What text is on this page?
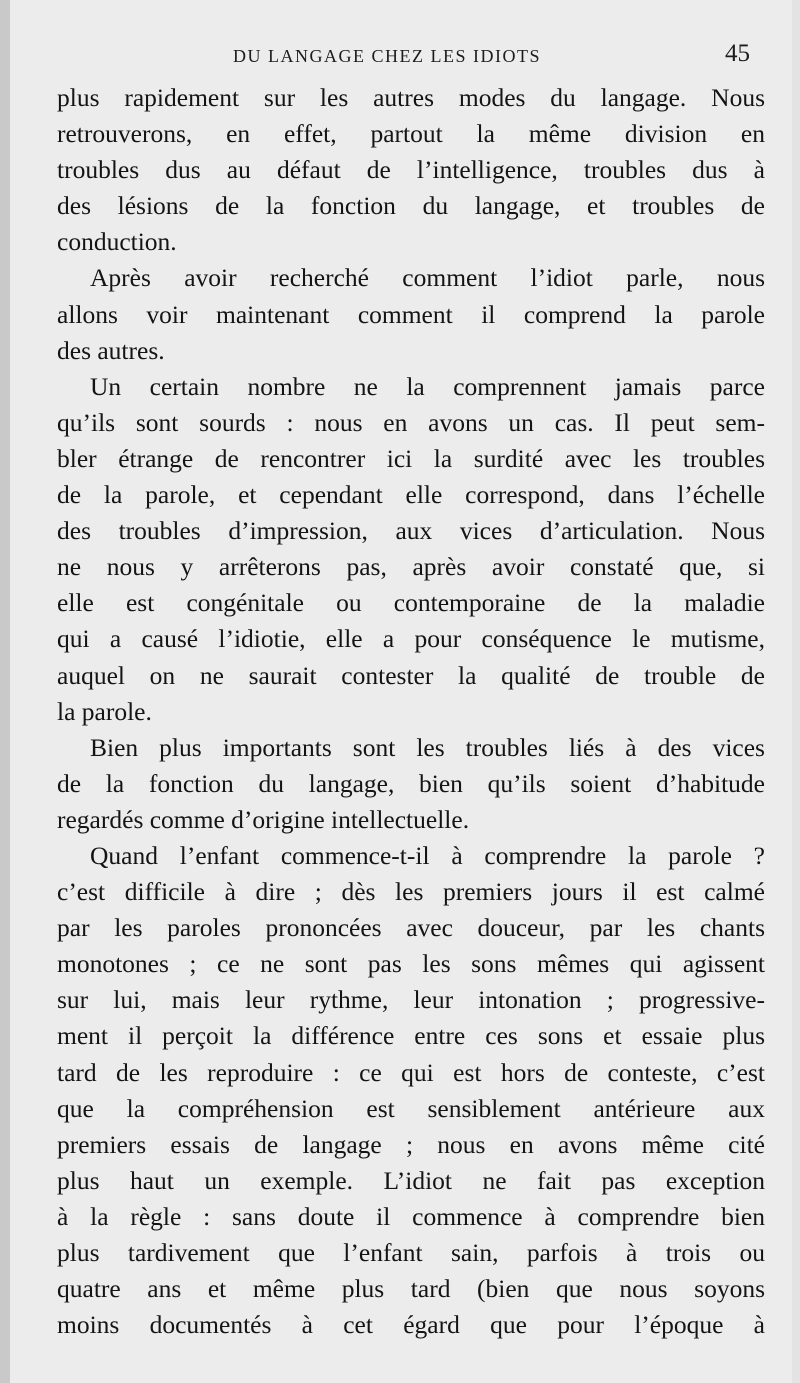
DU LANGAGE CHEZ LES IDIOTS	45
plus rapidement sur les autres modes du langage. Nous
retrouverons, en effet, partout la même division en
troubles dus au défaut de l’intelligence, troubles dus à
des lésions de la fonction du langage, et troubles de
conduction.
Après avoir recherché comment l’idiot parle, nous
allons voir maintenant comment il comprend la parole
des autres.
Un certain nombre ne la comprennent jamais parce
qu’ils sont sourds : nous en avons un cas. Il peut sem-
bler étrange de rencontrer ici la surdité avec les troubles
de la parole, et cependant elle correspond, dans l’échelle
des troubles d’impression, aux vices d’articulation. Nous
ne nous y arrêterons pas, après avoir constaté que, si
elle est congénitale ou contemporaine de la maladie
qui a causé l’idiotie, elle a pour conséquence le mutisme,
auquel on ne saurait contester la qualité de trouble de
la parole.
Bien plus importants sont les troubles liés à des vices
de la fonction du langage, bien qu’ils soient d’habitude
regardés comme d’origine intellectuelle.
Quand l’enfant commence-t-il à comprendre la parole ?
c’est difficile à dire ; dès les premiers jours il est calmé
par les paroles prononcées avec douceur, par les chants
monotones ; ce ne sont pas les sons mêmes qui agissent
sur lui, mais leur rythme, leur intonation ; progressive-
ment il perçoit la différence entre ces sons et essaie plus
tard de les reproduire : ce qui est hors de conteste, c’est
que la compréhension est sensiblement antérieure aux
premiers essais de langage ; nous en avons même cité
plus haut un exemple. L’idiot ne fait pas exception
à la règle : sans doute il commence à comprendre bien
plus tardivement que l’enfant sain, parfois à trois ou
quatre ans et même plus tard (bien que nous soyons
moins documentés à cet égard que pour l’époque à
